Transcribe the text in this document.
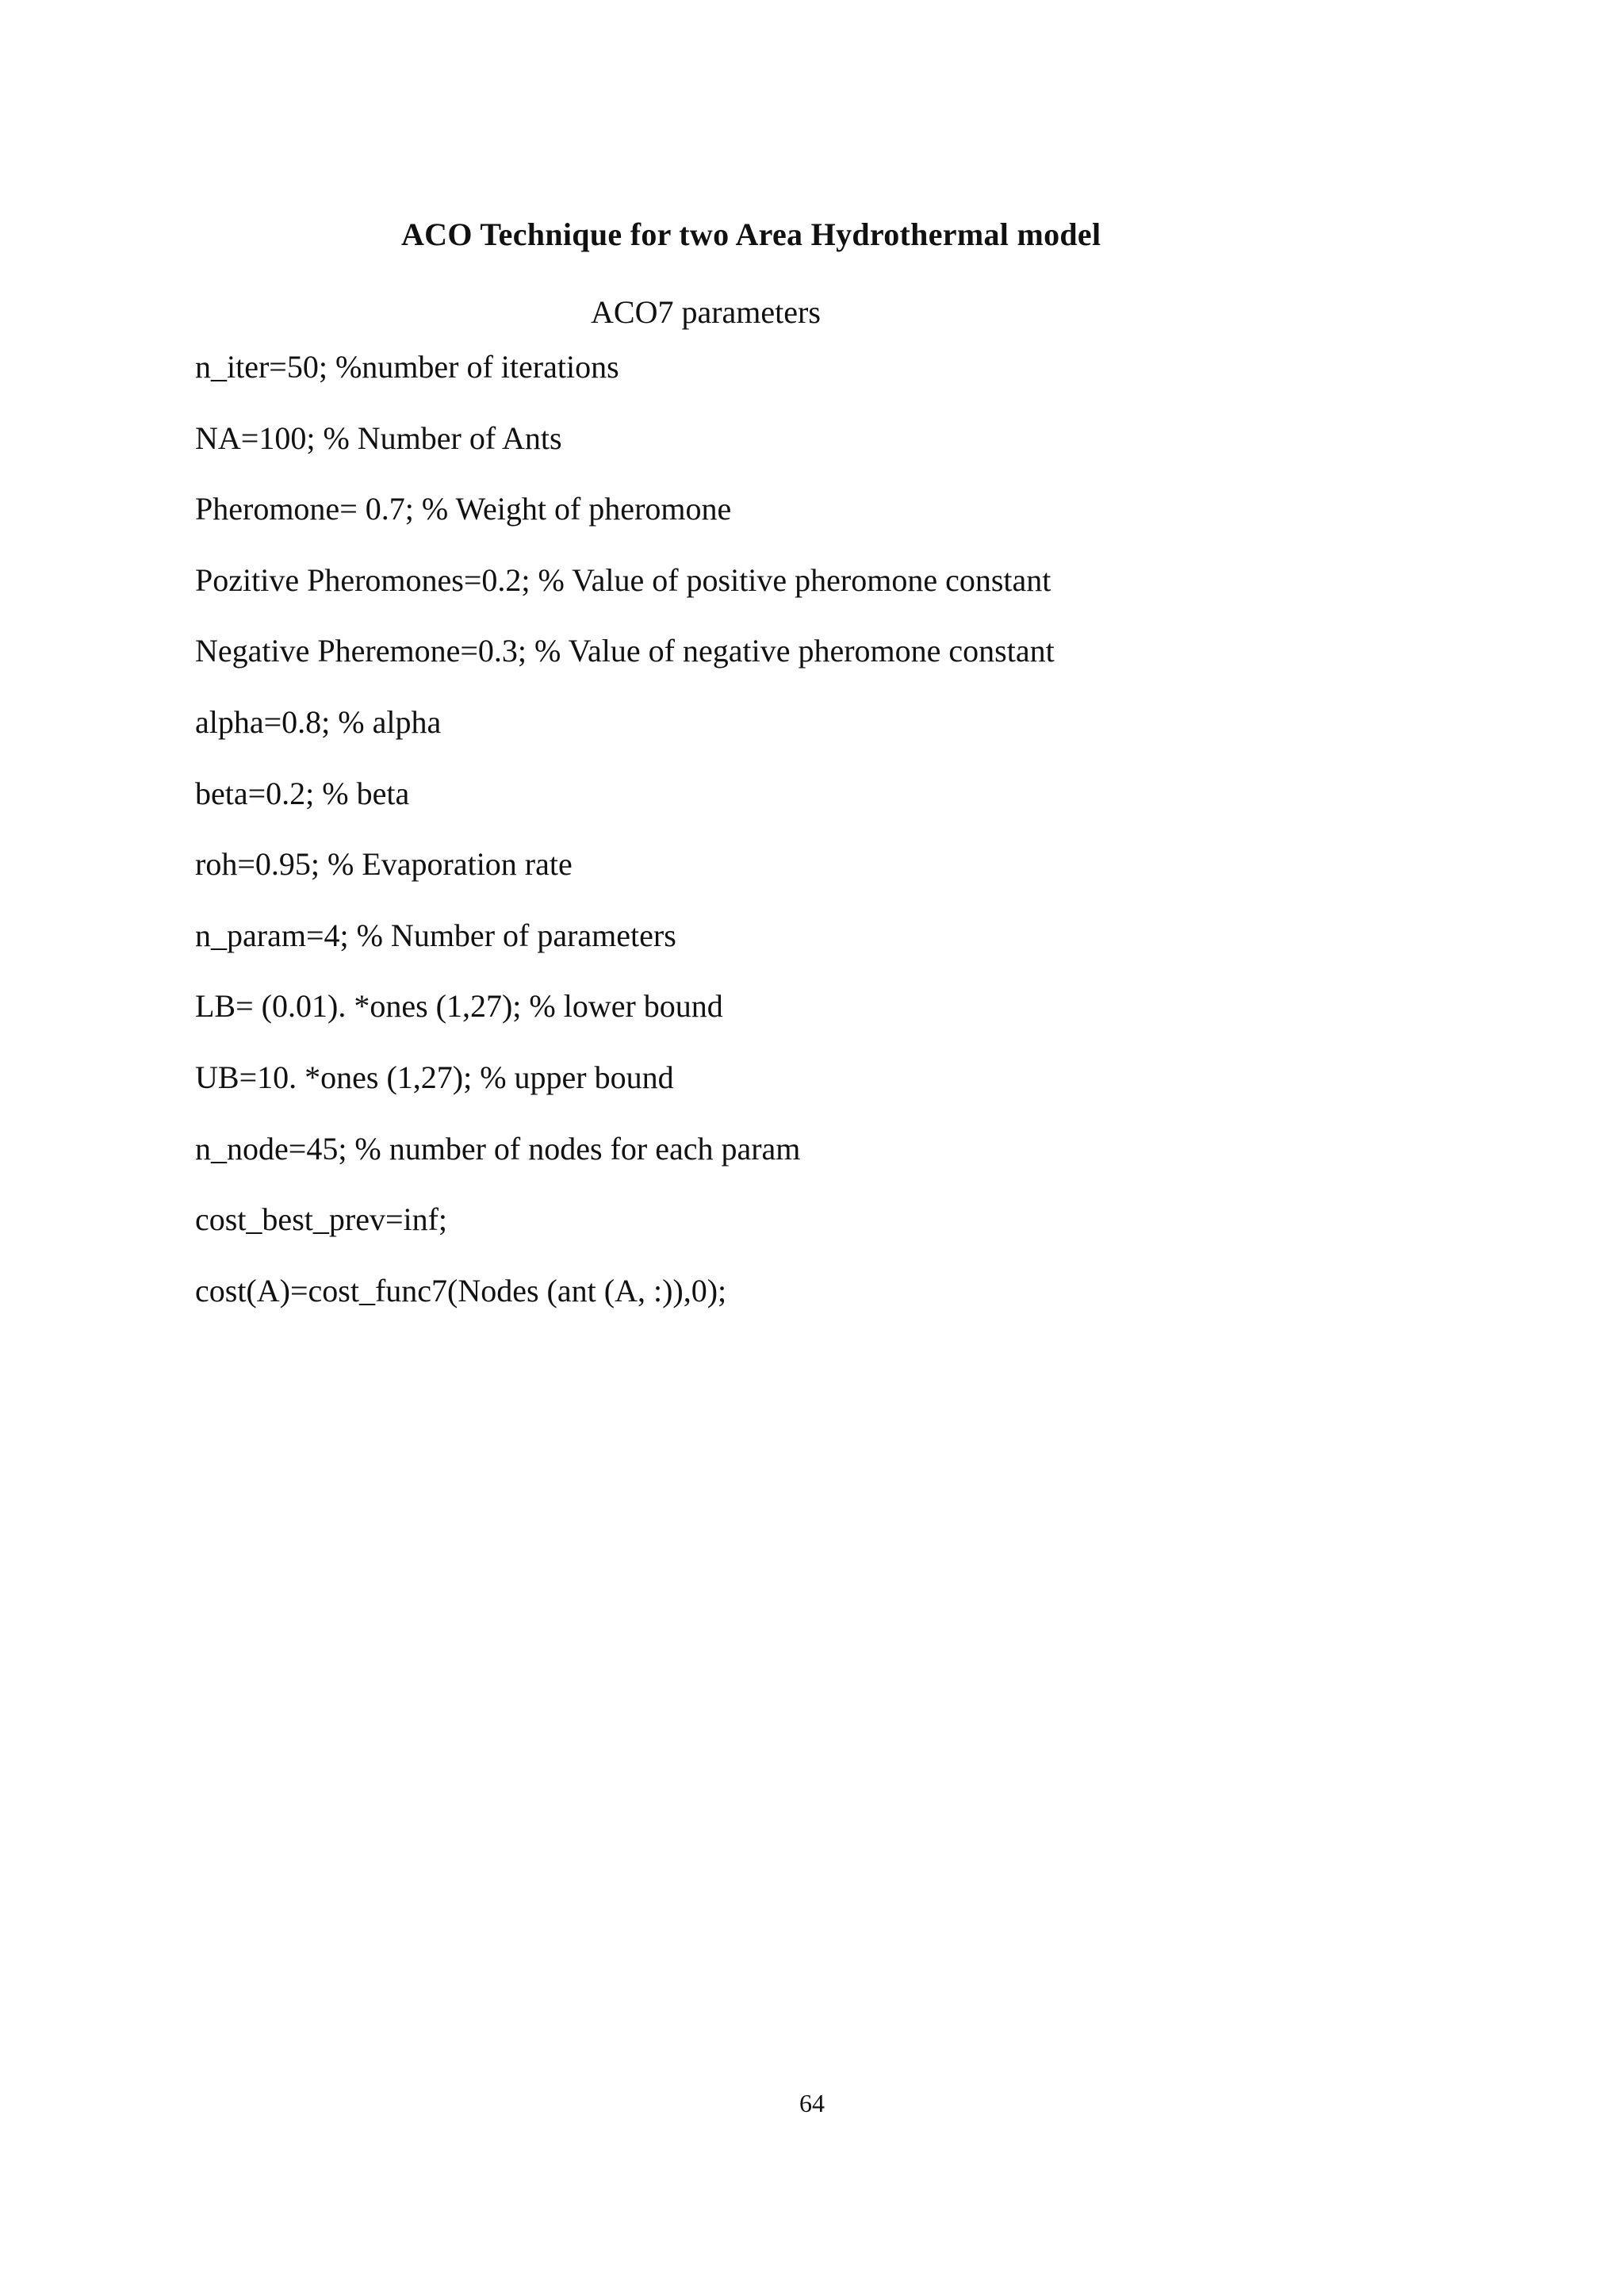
ACO Technique for two Area Hydrothermal model
ACO7 parameters
n_iter=50; %number of iterations
NA=100; % Number of Ants
Pheromone= 0.7; % Weight of pheromone
Pozitive Pheromones=0.2; % Value of positive pheromone constant
Negative Pheremone=0.3; % Value of negative pheromone constant
alpha=0.8; % alpha
beta=0.2; % beta
roh=0.95; % Evaporation rate
n_param=4; % Number of parameters
LB= (0.01). *ones (1,27); % lower bound
UB=10. *ones (1,27); % upper bound
n_node=45; % number of nodes for each param
cost_best_prev=inf;
cost(A)=cost_func7(Nodes (ant (A, :)),0);
64
